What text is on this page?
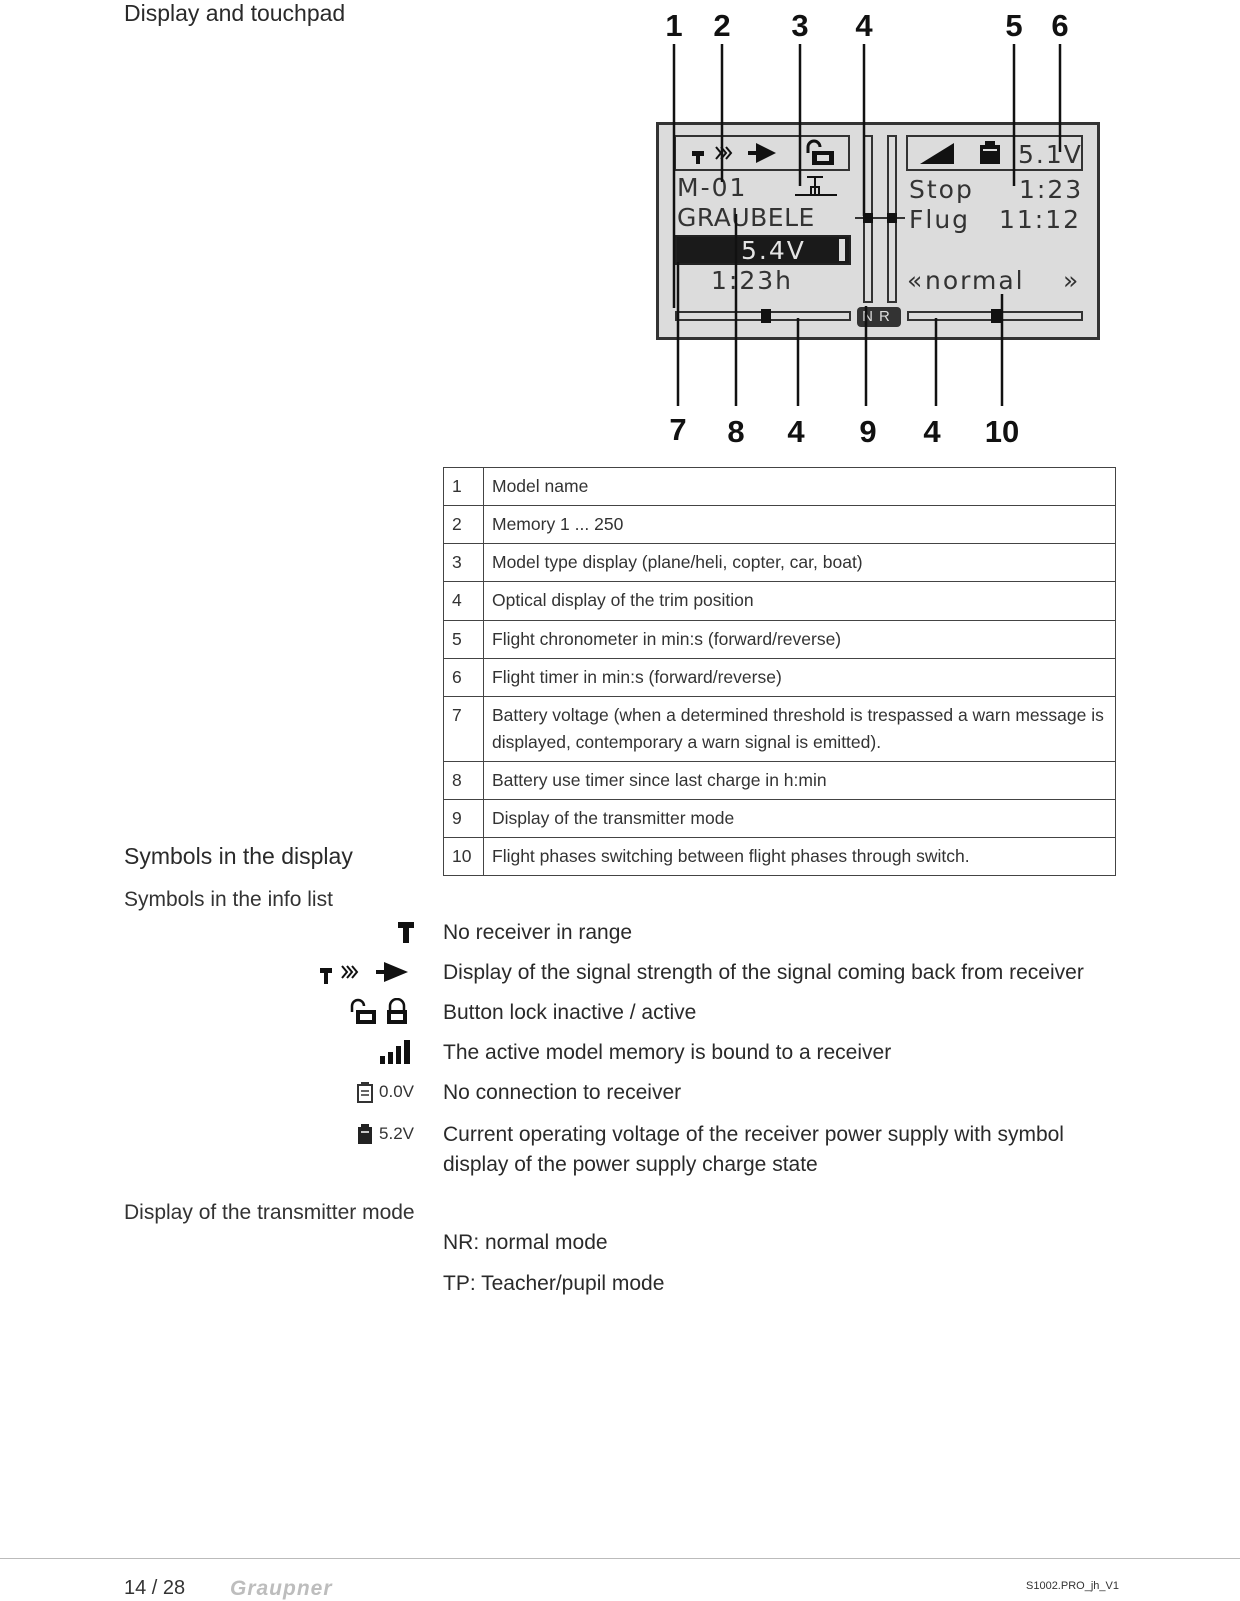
Display and touchpad	1 2	3	4	5 6
5.1V
M-01
GRAUBELE
5.4V
1:23h
NR
Stop 1:23
Flug 11:12
« normal »
7	8	4	9	4	10
1	Model name
2	Memory 1 ... 250
3	Model type display (plane/heli, copter, car, boat)
4	Optical display of the trim position
5	Flight chronometer in min:s (forward/reverse)
6	Flight timer in min:s (forward/reverse)
7	Battery voltage (when a determined threshold is trespassed a warn message is displayed, contemporary a warn signal is emitted).
8	Battery use timer since last charge in h:min
9	Display of the transmitter mode
10	Flight phases switching between flight phases through switch.
Symbols in the display
Symbols in the info list
No receiver in range
Display of the signal strength of the signal coming back from receiver
Button lock inactive / active
The active model memory is bound to a receiver
0.0V No connection to receiver
5.2V Current operating voltage of the receiver power supply with symbol display of the power supply charge state
Display of the transmitter mode
NR: normal mode
TP: Teacher/pupil mode
14 / 28 Graupner	S1002.PRO_jh_V1
